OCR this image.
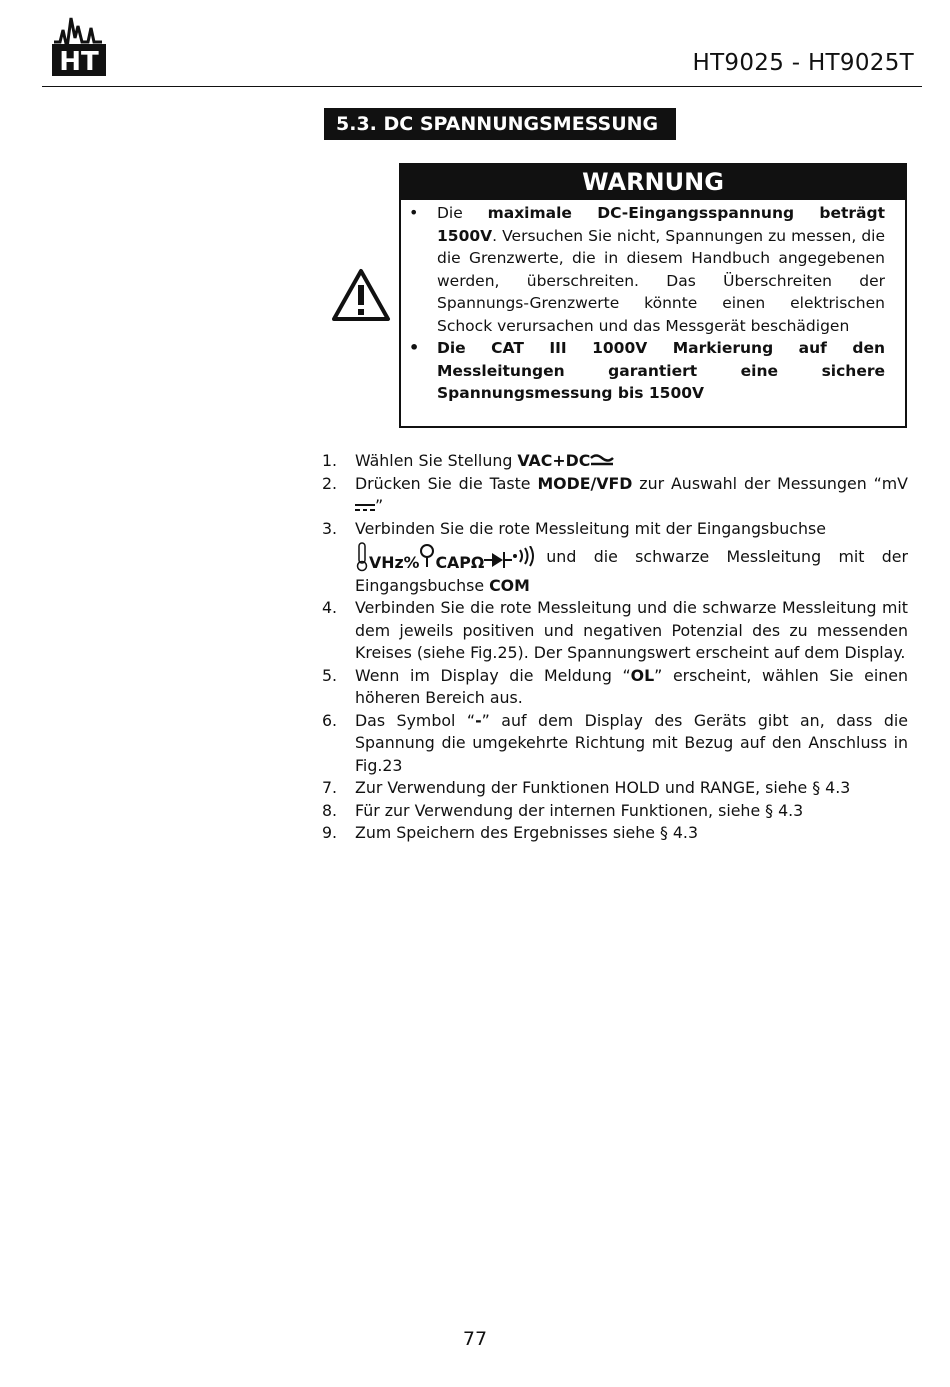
HT	HT9025 - HT9025T
5.3. DC SPANNUNGSMESSUNG
WARNUNG
• Die maximale DC-Eingangsspannung beträgt 1500V. Versuchen Sie nicht, Spannungen zu messen, die die Grenzwerte, die in diesem Handbuch angegebenen werden, überschreiten. Das Überschreiten der Spannungs-Grenzwerte könnte einen elektrischen Schock verursachen und das Messgerät beschädigen
• Die CAT III 1000V Markierung auf den Messleitungen garantiert eine sichere Spannungsmessung bis 1500V
1. Wählen Sie Stellung VAC+DC
2. Drücken Sie die Taste MODE/VFD zur Auswahl der Messungen “mV”
3. Verbinden Sie die rote Messleitung mit der Eingangsbuchse
VHz% CAPΩ	und die schwarze Messleitung mit der Eingangsbuchse COM
4. Verbinden Sie die rote Messleitung und die schwarze Messleitung mit dem jeweils positiven und negativen Potenzial des zu messenden Kreises (siehe Fig.25). Der Spannungswert erscheint auf dem Display.
5. Wenn im Display die Meldung “OL” erscheint, wählen Sie einen höheren Bereich aus.
6. Das Symbol “-” auf dem Display des Geräts gibt an, dass die Spannung die umgekehrte Richtung mit Bezug auf den Anschluss in Fig.23
7. Zur Verwendung der Funktionen HOLD und RANGE, siehe § 4.3
8. Für zur Verwendung der internen Funktionen, siehe § 4.3
9. Zum Speichern des Ergebnisses siehe § 4.3
77
